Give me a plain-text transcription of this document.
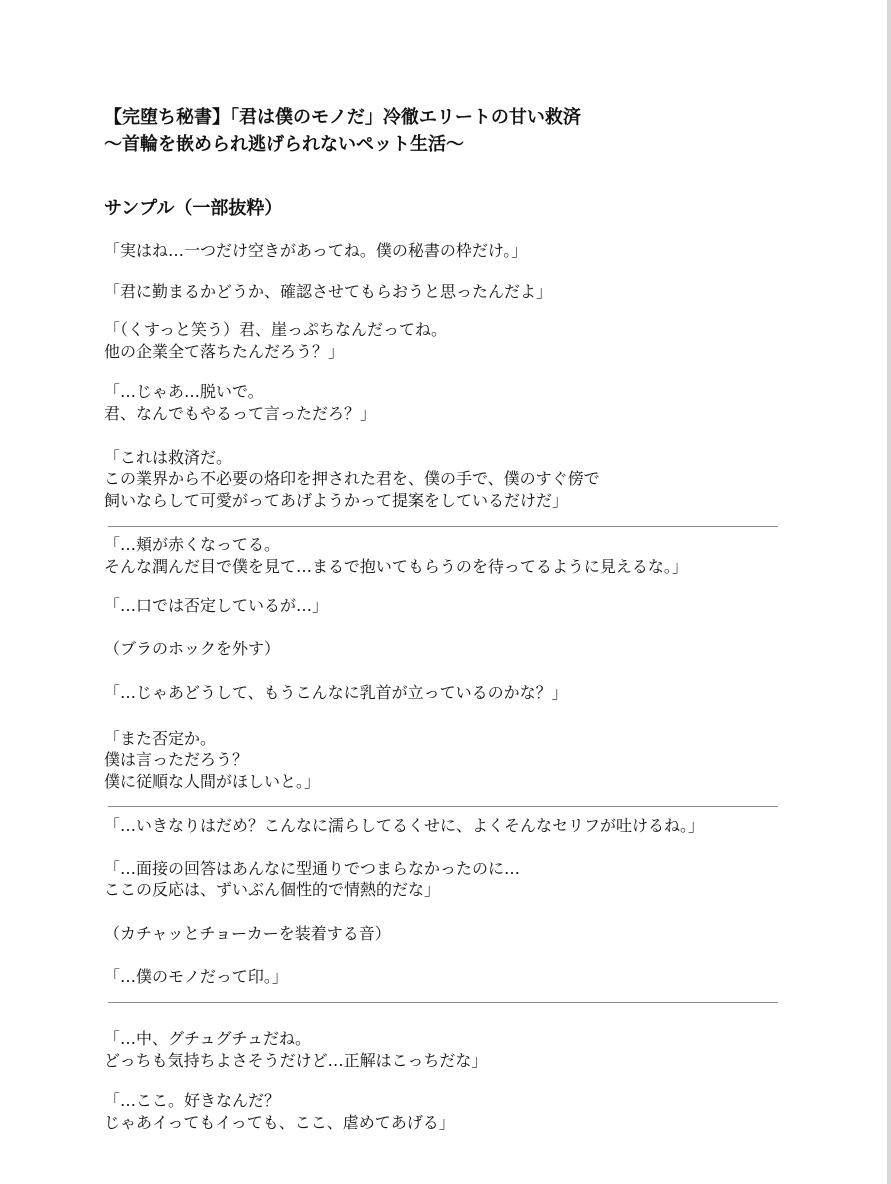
【完堕ち秘書】「君は僕のモノだ」冷徹エリートの甘い救済
〜首輪を嵌められ逃げられないペット生活〜
サンプル（一部抜粋）
「実はね…一つだけ空きがあってね。僕の秘書の枠だけ。」
「君に勤まるかどうか、確認させてもらおうと思ったんだよ」
「（くすっと笑う）君、崖っぷちなんだってね。
他の企業全て落ちたんだろう？」
「…じゃあ…脱いで。
君、なんでもやるって言っただろ？」
「これは救済だ。
この業界から不必要の烙印を押された君を、僕の手で、僕のすぐ傍で
飼いならして可愛がってあげようかって提案をしているだけだ」
「…頬が赤くなってる。
そんな潤んだ目で僕を見て…まるで抱いてもらうのを待ってるように見えるな。」
「…口では否定しているが…」
（ブラのホックを外す）
「…じゃあどうして、もうこんなに乳首が立っているのかな？」
「また否定か。
僕は言っただろう？
僕に従順な人間がほしいと。」
「…いきなりはだめ？こんなに濡らしてるくせに、よくそんなセリフが吐けるね。」
「…面接の回答はあんなに型通りでつまらなかったのに…
ここの反応は、ずいぶん個性的で情熱的だな」
（カチャッとチョーカーを装着する音）
「…僕のモノだって印。」
「…中、グチュグチュだね。
どっちも気持ちよさそうだけど…正解はこっちだな」
「…ここ。好きなんだ？
じゃあイってもイっても、ここ、虐めてあげる」
